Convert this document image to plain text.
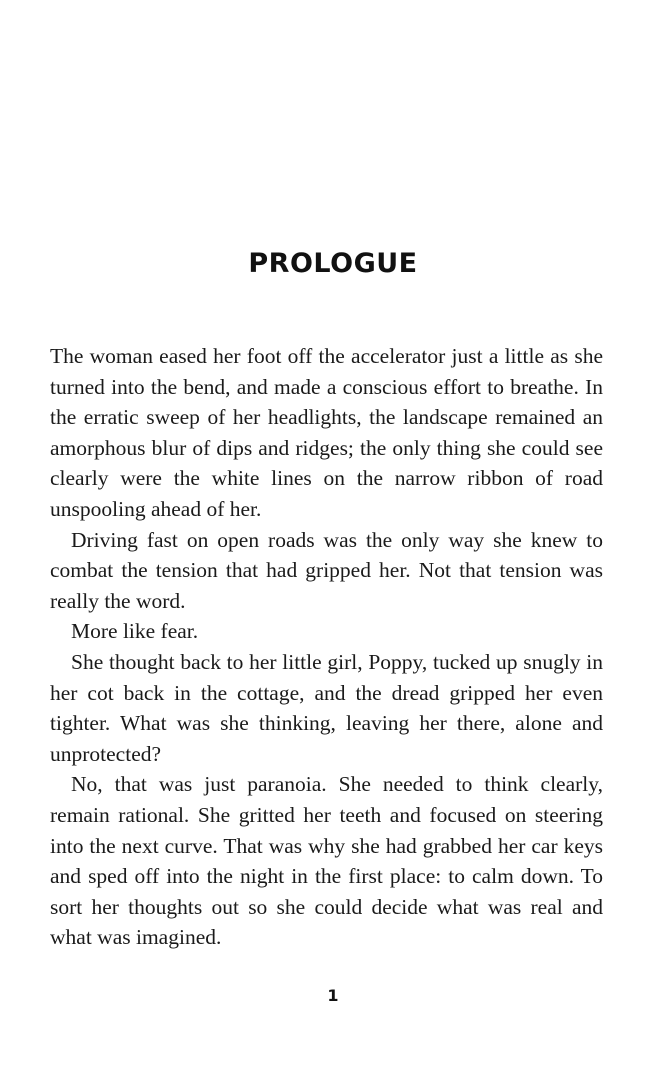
PROLOGUE

The woman eased her foot off the accelerator just a little as she turned into the bend, and made a conscious effort to breathe. In the erratic sweep of her headlights, the landscape remained an amorphous blur of dips and ridges; the only thing she could see clearly were the white lines on the narrow ribbon of road unspooling ahead of her.

Driving fast on open roads was the only way she knew to combat the tension that had gripped her. Not that tension was really the word.

More like fear.

She thought back to her little girl, Poppy, tucked up snugly in her cot back in the cottage, and the dread gripped her even tighter. What was she thinking, leaving her there, alone and unprotected?

No, that was just paranoia. She needed to think clearly, remain rational. She gritted her teeth and focused on steering into the next curve. That was why she had grabbed her car keys and sped off into the night in the first place: to calm down. To sort her thoughts out so she could decide what was real and what was imagined.

1
